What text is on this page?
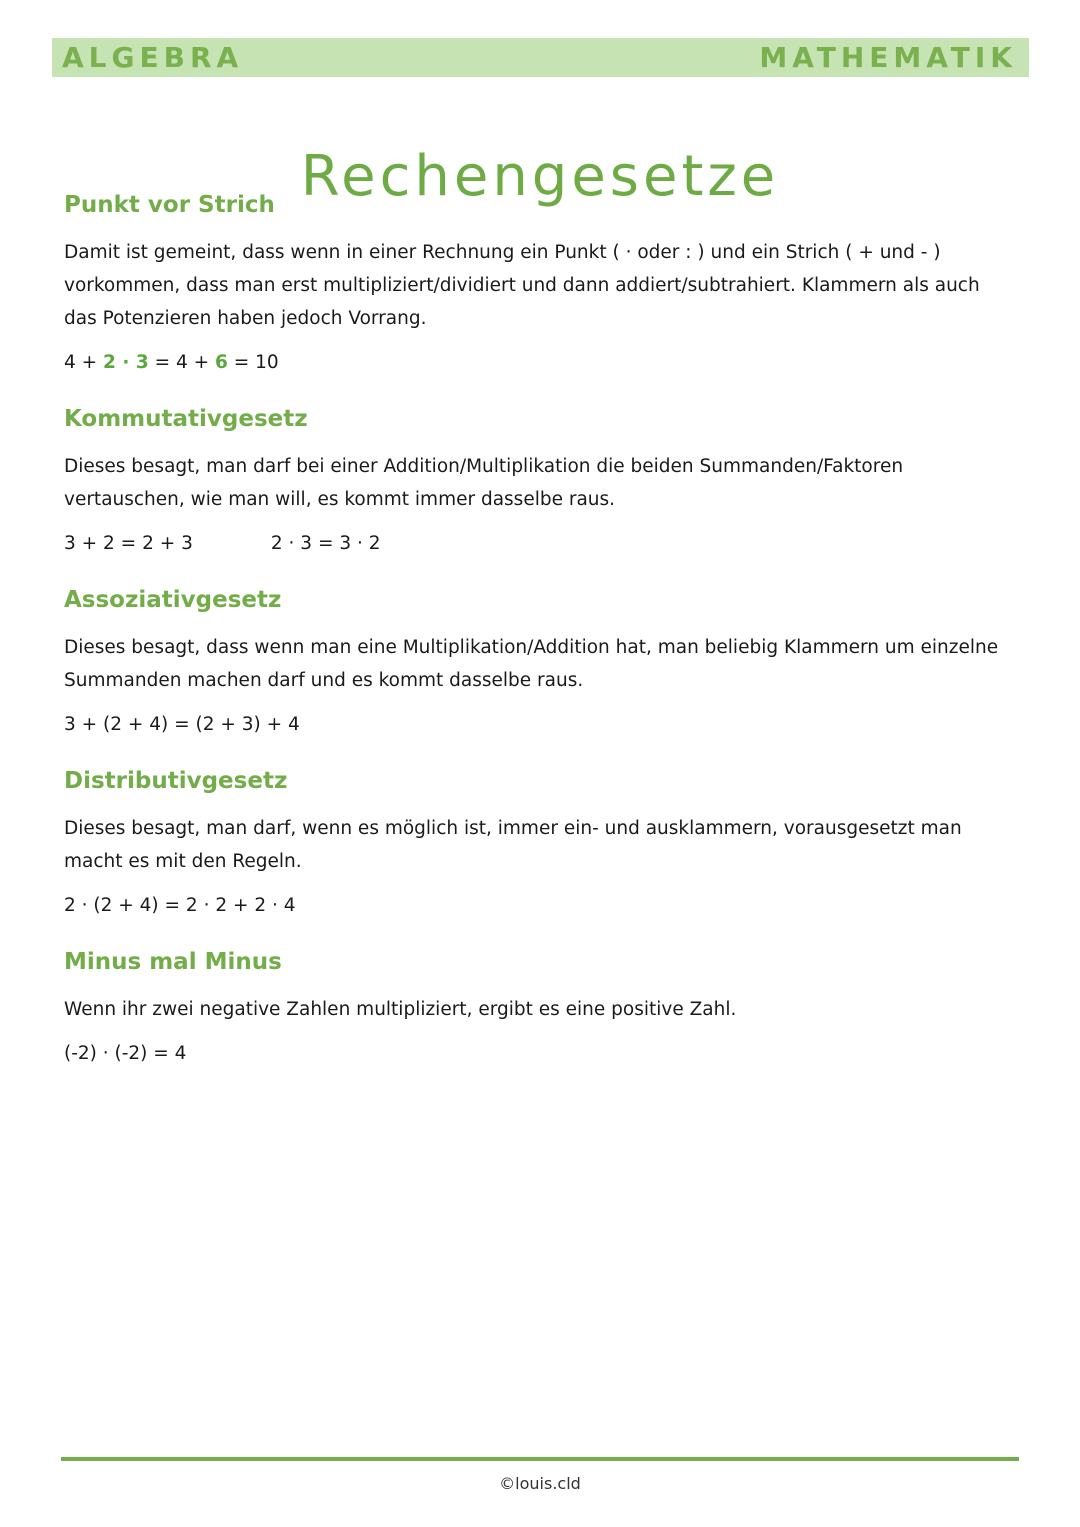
ALGEBRA	MATHEMATIK
Rechengesetze
Punkt vor Strich

Damit ist gemeint, dass wenn in einer Rechnung ein Punkt ( · oder : ) und ein Strich ( + und - ) vorkommen, dass man erst multipliziert/dividiert und dann addiert/subtrahiert. Klammern als auch das Potenzieren haben jedoch Vorrang.

4 + 2 · 3 = 4 + 6 = 10

Kommutativgesetz

Dieses besagt, man darf bei einer Addition/Multiplikation die beiden Summanden/Faktoren vertauschen, wie man will, es kommt immer dasselbe raus.

3 + 2 = 2 + 3	2 · 3 = 3 · 2

Assoziativgesetz

Dieses besagt, dass wenn man eine Multiplikation/Addition hat, man beliebig Klammern um einzelne Summanden machen darf und es kommt dasselbe raus.

3 + (2 + 4) = (2 + 3) + 4

Distributivgesetz

Dieses besagt, man darf, wenn es möglich ist, immer ein- und ausklammern, vorausgesetzt man macht es mit den Regeln.

2 · (2 + 4) = 2 · 2 + 2 · 4

Minus mal Minus

Wenn ihr zwei negative Zahlen multipliziert, ergibt es eine positive Zahl.

(-2) · (-2) = 4

©louis.cld
